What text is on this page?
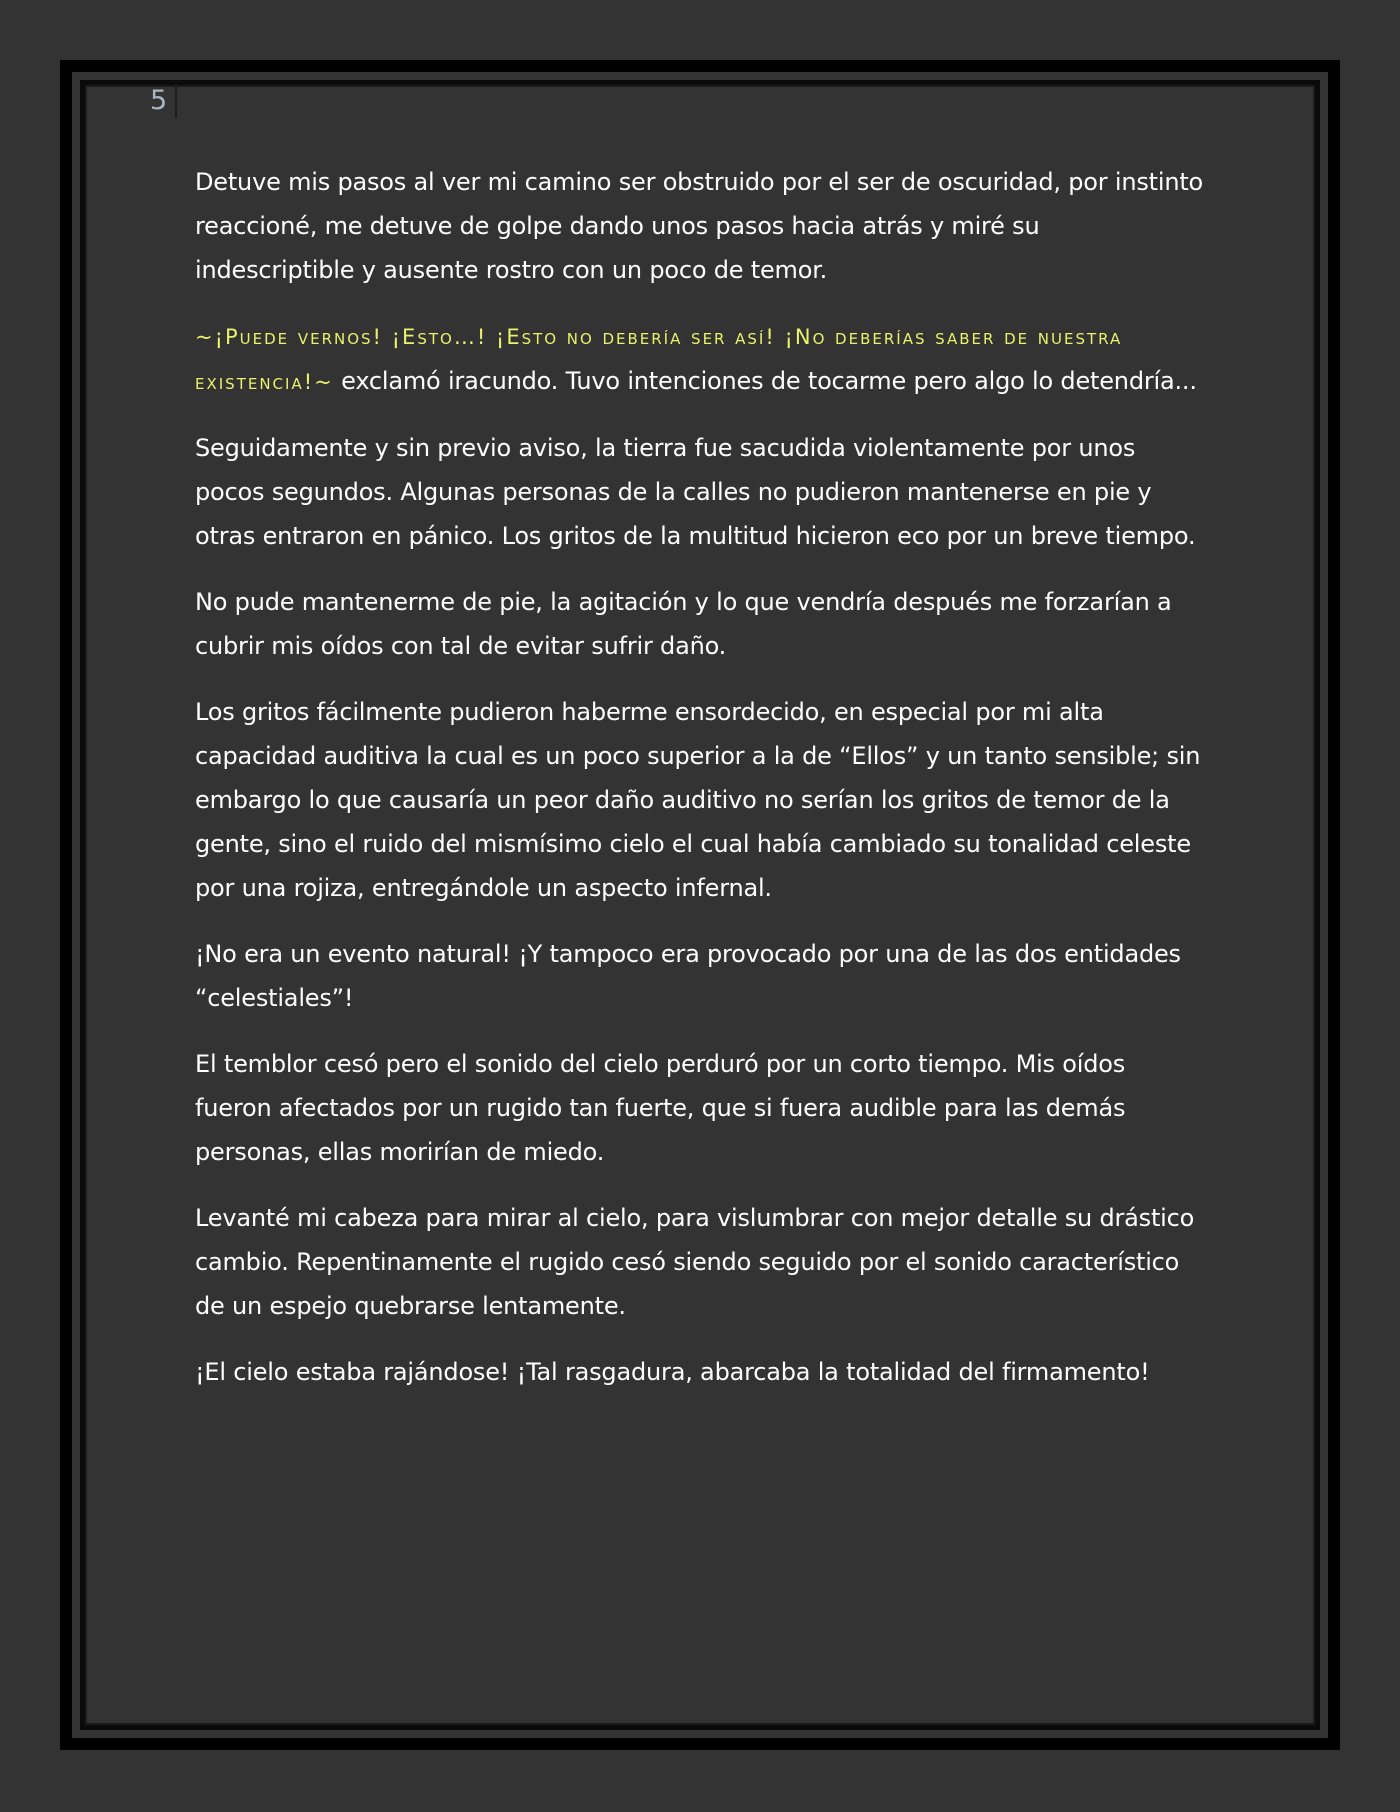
5

Detuve mis pasos al ver mi camino ser obstruido por el ser de oscuridad, por instinto reaccioné, me detuve de golpe dando unos pasos hacia atrás y miré su indescriptible y ausente rostro con un poco de temor.

~¡Puede vernos! ¡Esto…! ¡Esto no debería ser así! ¡No deberías saber de nuestra existencia!~ exclamó iracundo. Tuvo intenciones de tocarme pero algo lo detendría...

Seguidamente y sin previo aviso, la tierra fue sacudida violentamente por unos pocos segundos. Algunas personas de la calles no pudieron mantenerse en pie y otras entraron en pánico. Los gritos de la multitud hicieron eco por un breve tiempo.

No pude mantenerme de pie, la agitación y lo que vendría después me forzarían a cubrir mis oídos con tal de evitar sufrir daño.

Los gritos fácilmente pudieron haberme ensordecido, en especial por mi alta capacidad auditiva la cual es un poco superior a la de “Ellos” y un tanto sensible; sin embargo lo que causaría un peor daño auditivo no serían los gritos de temor de la gente, sino el ruido del mismísimo cielo el cual había cambiado su tonalidad celeste por una rojiza, entregándole un aspecto infernal.

¡No era un evento natural! ¡Y tampoco era provocado por una de las dos entidades “celestiales”!

El temblor cesó pero el sonido del cielo perduró por un corto tiempo. Mis oídos fueron afectados por un rugido tan fuerte, que si fuera audible para las demás personas, ellas morirían de miedo.

Levanté mi cabeza para mirar al cielo, para vislumbrar con mejor detalle su drástico cambio. Repentinamente el rugido cesó siendo seguido por el sonido característico de un espejo quebrarse lentamente.

¡El cielo estaba rajándose! ¡Tal rasgadura, abarcaba la totalidad del firmamento!
